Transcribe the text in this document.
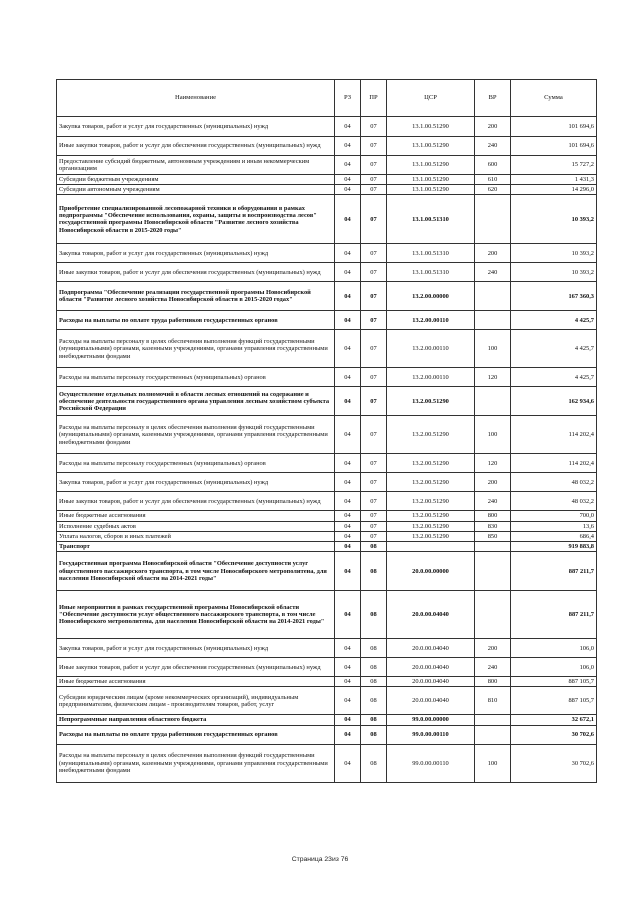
Наименование	РЗ	ПР	ЦСР	ВР	Сумма
Закупка товаров, работ и услуг для государственных (муниципальных) нужд	04	07	13.1.00.51290	200	101 694,6
Иные закупки товаров, работ и услуг для обеспечения государственных (муниципальных) нужд	04	07	13.1.00.51290	240	101 694,6
Предоставление субсидий бюджетным, автономным учреждениям и иным некоммерческим организациям	04	07	13.1.00.51290	600	15 727,2
Субсидии бюджетным учреждениям	04	07	13.1.00.51290	610	1 431,3
Субсидии автономным учреждениям	04	07	13.1.00.51290	620	14 296,0
Приобретение специализированной лесопожарной техники и оборудования в рамках подпрограммы "Обеспечение использования, охраны, защиты и воспроизводства лесов" государственной программы Новосибирской области "Развитие лесного хозяйства Новосибирской области в 2015-2020 годы"	04	07	13.1.00.51310		10 393,2
Закупка товаров, работ и услуг для государственных (муниципальных) нужд	04	07	13.1.00.51310	200	10 393,2
Иные закупки товаров, работ и услуг для обеспечения государственных (муниципальных) нужд	04	07	13.1.00.51310	240	10 393,2
Подпрограмма "Обеспечение реализации государственной программы Новосибирской области "Развитие лесного хозяйства Новосибирской области в 2015-2020 годах"	04	07	13.2.00.00000		167 360,3
Расходы на выплаты по оплате труда работников государственных органов	04	07	13.2.00.00110		4 425,7
Расходы на выплаты персоналу в целях обеспечения выполнения функций государственными (муниципальными) органами, казенными учреждениями, органами управления государственными внебюджетными фондами	04	07	13.2.00.00110	100	4 425,7
Расходы на выплаты персоналу государственных (муниципальных) органов	04	07	13.2.00.00110	120	4 425,7
Осуществление отдельных полномочий в области лесных отношений на содержание и обеспечение деятельности государственного органа управления лесным хозяйством субъекта Российской Федерации	04	07	13.2.00.51290		162 934,6
Расходы на выплаты персоналу в целях обеспечения выполнения функций государственными (муниципальными) органами, казенными учреждениями, органами управления государственными внебюджетными фондами	04	07	13.2.00.51290	100	114 202,4
Расходы на выплаты персоналу государственных (муниципальных) органов	04	07	13.2.00.51290	120	114 202,4
Закупка товаров, работ и услуг для государственных (муниципальных) нужд	04	07	13.2.00.51290	200	48 032,2
Иные закупки товаров, работ и услуг для обеспечения государственных (муниципальных) нужд	04	07	13.2.00.51290	240	48 032,2
Иные бюджетные ассигнования	04	07	13.2.00.51290	800	700,0
Исполнение судебных актов	04	07	13.2.00.51290	830	13,6
Уплата налогов, сборов и иных платежей	04	07	13.2.00.51290	850	686,4
Транспорт	04	08			919 883,8
Государственная программа Новосибирской области "Обеспечение доступности услуг общественного пассажирского транспорта, в том числе Новосибирского метрополитена, для населения Новосибирской области на 2014-2021 годы"	04	08	20.0.00.00000		887 211,7
Иные мероприятия в рамках государственной программы Новосибирской области "Обеспечение доступности услуг общественного пассажирского транспорта, в том числе Новосибирского метрополитена, для населения Новосибирской области на 2014-2021 годы"	04	08	20.0.00.04040		887 211,7
Закупка товаров, работ и услуг для государственных (муниципальных) нужд	04	08	20.0.00.04040	200	106,0
Иные закупки товаров, работ и услуг для обеспечения государственных (муниципальных) нужд	04	08	20.0.00.04040	240	106,0
Иные бюджетные ассигнования	04	08	20.0.00.04040	800	887 105,7
Субсидии юридическим лицам (кроме некоммерческих организаций), индивидуальным предпринимателям, физическим лицам - производителям товаров, работ, услуг	04	08	20.0.00.04040	810	887 105,7
Непрограммные направления областного бюджета	04	08	99.0.00.00000		32 672,1
Расходы на выплаты по оплате труда работников государственных органов	04	08	99.0.00.00110		30 702,6
Расходы на выплаты персоналу в целях обеспечения выполнения функций государственными (муниципальными) органами, казенными учреждениями, органами управления государственными внебюджетными фондами	04	08	99.0.00.00110	100	30 702,6
Страница 23из 76
